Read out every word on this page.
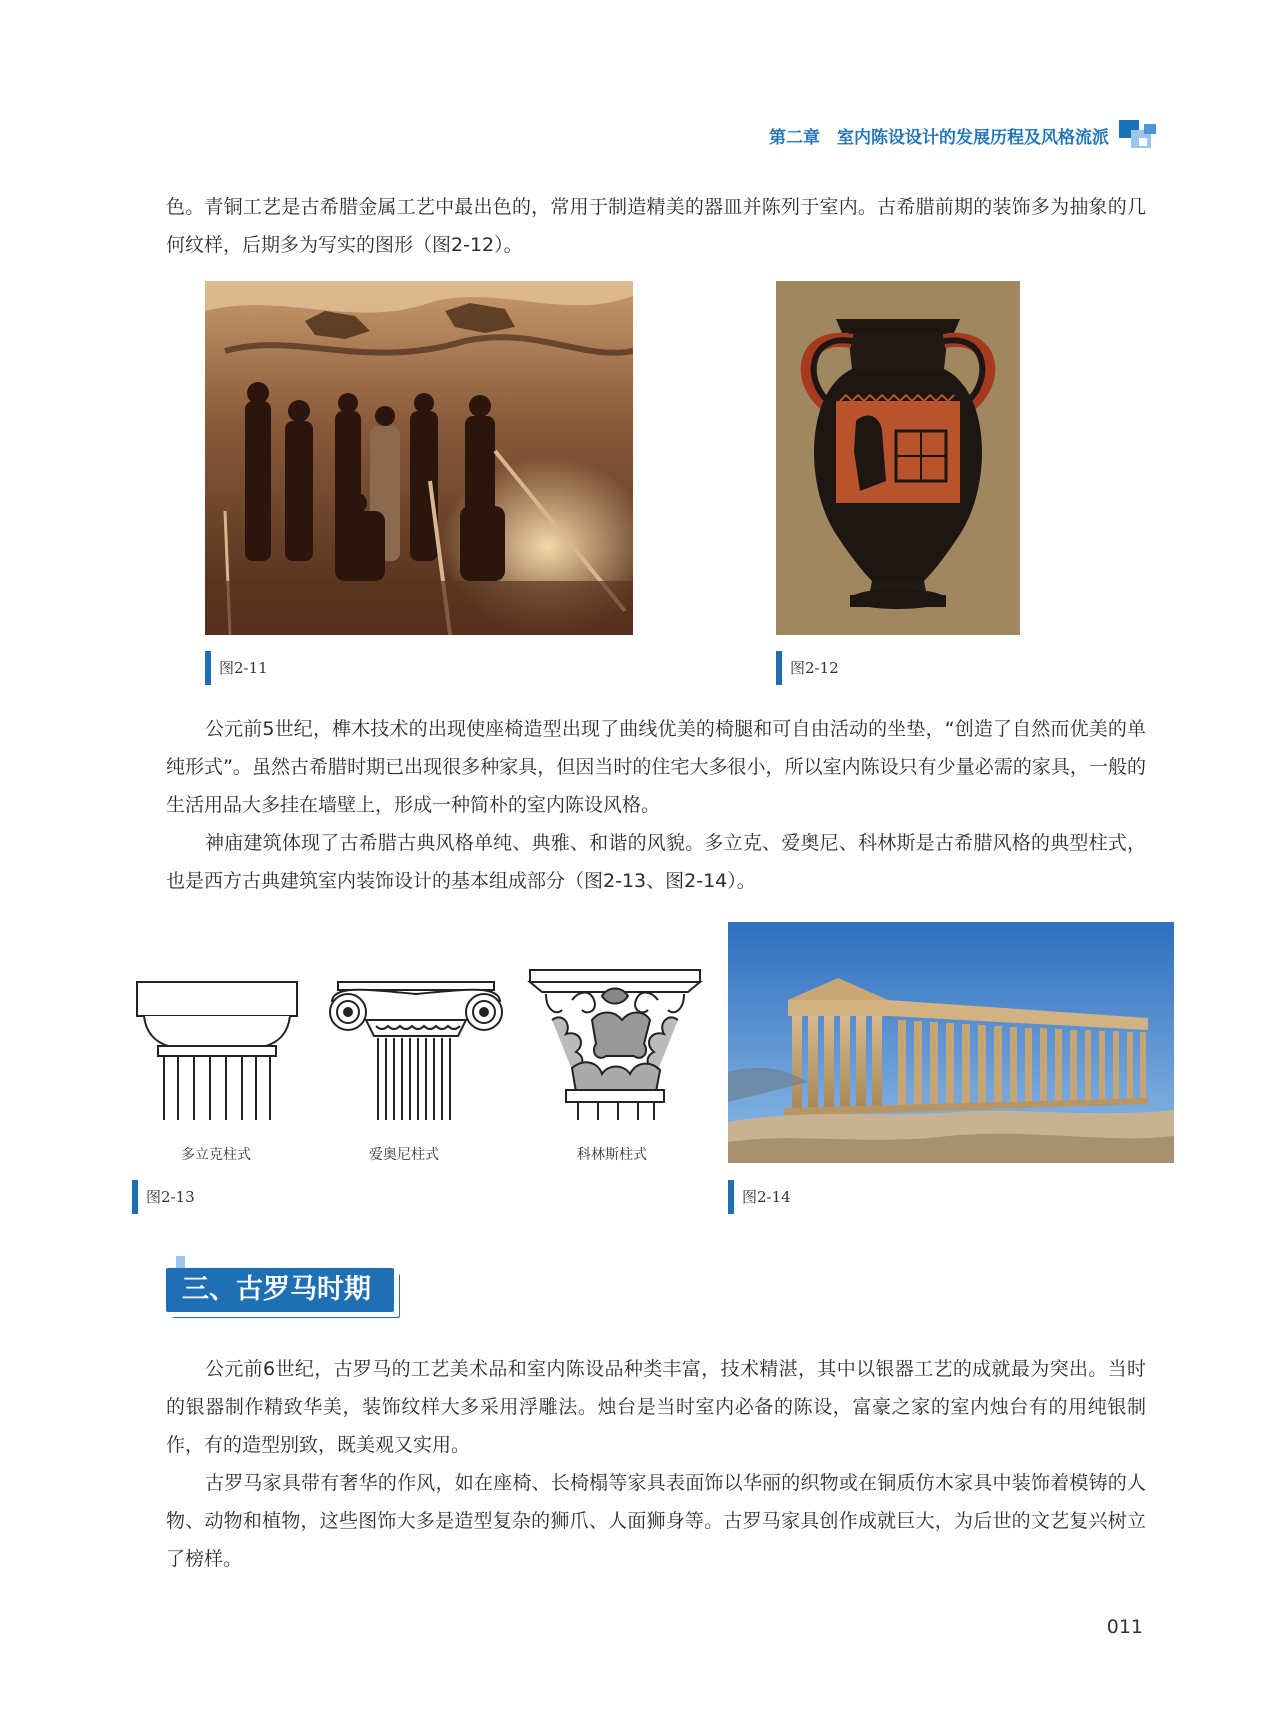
第二章　室内陈设设计的发展历程及风格流派

色。青铜工艺是古希腊金属工艺中最出色的，常用于制造精美的器皿并陈列于室内。古希腊前期的装饰多为抽象的几何纹样，后期多为写实的图形（图2-12）。

图2-11	图2-12

公元前5世纪，榫木技术的出现使座椅造型出现了曲线优美的椅腿和可自由活动的坐垫，“创造了自然而优美的单纯形式”。虽然古希腊时期已出现很多种家具，但因当时的住宅大多很小，所以室内陈设只有少量必需的家具，一般的生活用品大多挂在墙壁上，形成一种简朴的室内陈设风格。

神庙建筑体现了古希腊古典风格单纯、典雅、和谐的风貌。多立克、爱奥尼、科林斯是古希腊风格的典型柱式，也是西方古典建筑室内装饰设计的基本组成部分（图2-13、图2-14）。

多立克柱式	爱奥尼柱式	科林斯柱式
图2-13	图2-14
三、古罗马时期

公元前6世纪，古罗马的工艺美术品和室内陈设品种类丰富，技术精湛，其中以银器工艺的成就最为突出。当时的银器制作精致华美，装饰纹样大多采用浮雕法。烛台是当时室内必备的陈设，富豪之家的室内烛台有的用纯银制作，有的造型别致，既美观又实用。

古罗马家具带有奢华的作风，如在座椅、长椅榻等家具表面饰以华丽的织物或在铜质仿木家具中装饰着模铸的人物、动物和植物，这些图饰大多是造型复杂的狮爪、人面狮身等。古罗马家具创作成就巨大，为后世的文艺复兴树立了榜样。

011
